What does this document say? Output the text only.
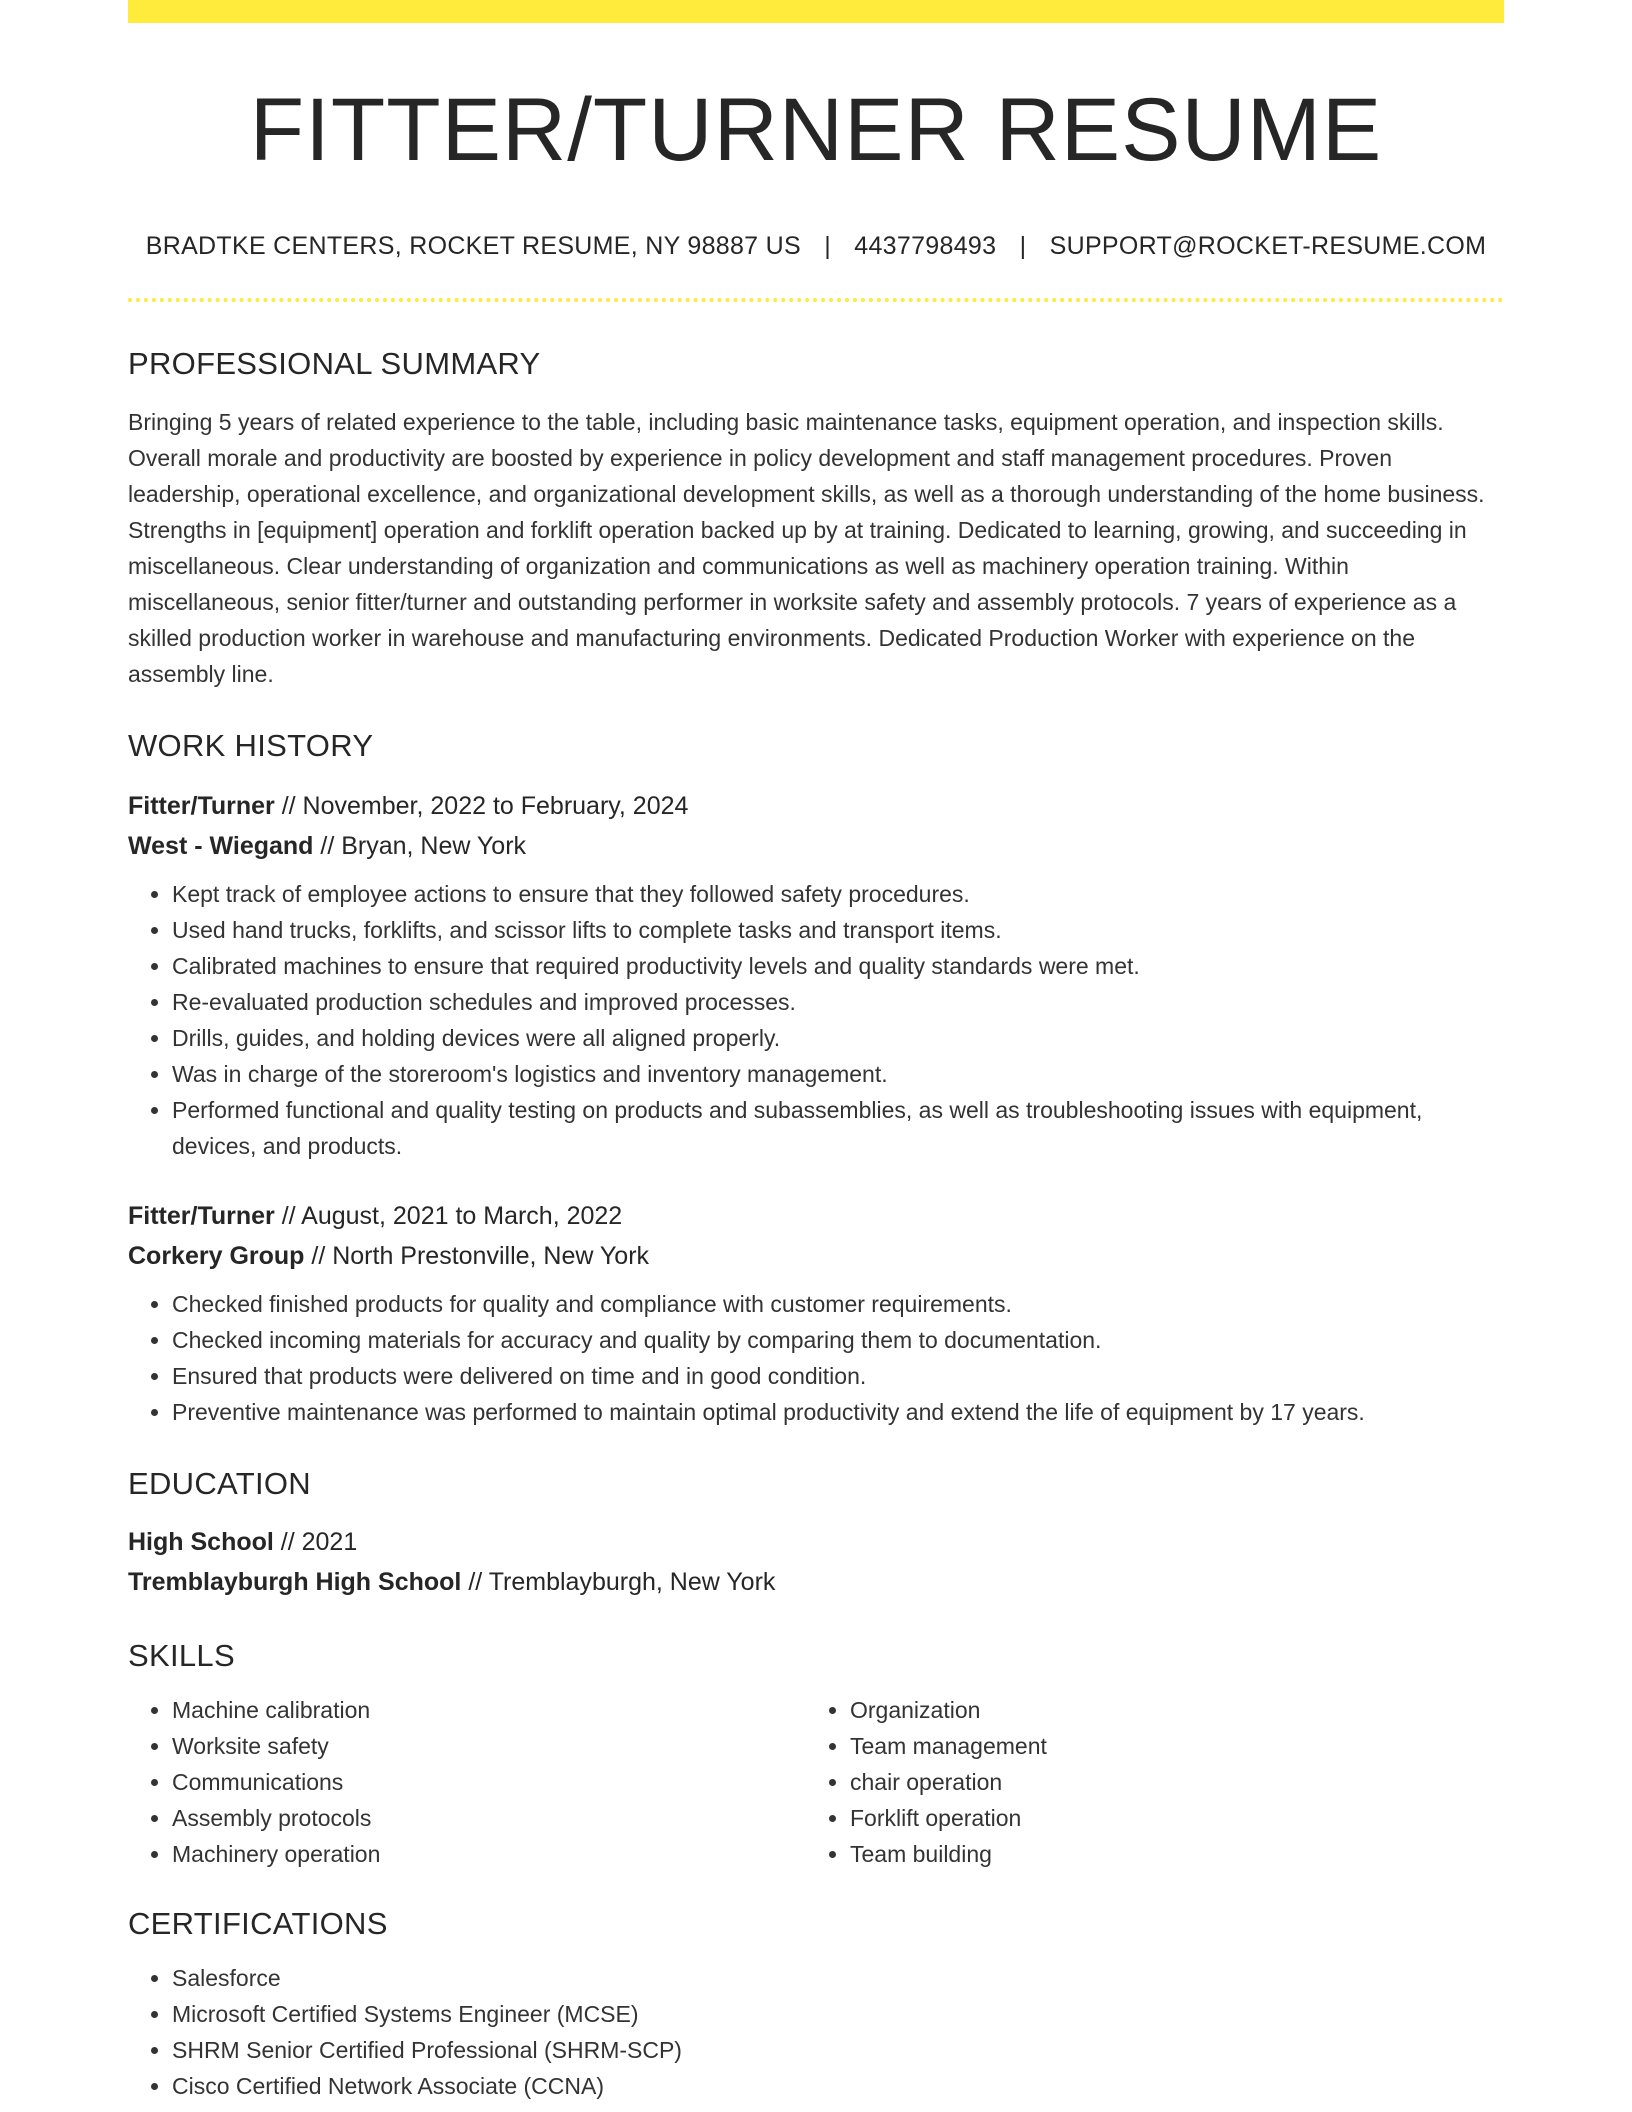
FITTER/TURNER RESUME
BRADTKE CENTERS, ROCKET RESUME, NY 98887 US | 4437798493 | SUPPORT@ROCKET-RESUME.COM
PROFESSIONAL SUMMARY
Bringing 5 years of related experience to the table, including basic maintenance tasks, equipment operation, and inspection skills. Overall morale and productivity are boosted by experience in policy development and staff management procedures. Proven leadership, operational excellence, and organizational development skills, as well as a thorough understanding of the home business. Strengths in [equipment] operation and forklift operation backed up by at training. Dedicated to learning, growing, and succeeding in miscellaneous. Clear understanding of organization and communications as well as machinery operation training. Within miscellaneous, senior fitter/turner and outstanding performer in worksite safety and assembly protocols. 7 years of experience as a skilled production worker in warehouse and manufacturing environments. Dedicated Production Worker with experience on the assembly line.
WORK HISTORY
Fitter/Turner // November, 2022 to February, 2024
West - Wiegand // Bryan, New York
• Kept track of employee actions to ensure that they followed safety procedures.
• Used hand trucks, forklifts, and scissor lifts to complete tasks and transport items.
• Calibrated machines to ensure that required productivity levels and quality standards were met.
• Re-evaluated production schedules and improved processes.
• Drills, guides, and holding devices were all aligned properly.
• Was in charge of the storeroom's logistics and inventory management.
• Performed functional and quality testing on products and subassemblies, as well as troubleshooting issues with equipment, devices, and products.
Fitter/Turner // August, 2021 to March, 2022
Corkery Group // North Prestonville, New York
• Checked finished products for quality and compliance with customer requirements.
• Checked incoming materials for accuracy and quality by comparing them to documentation.
• Ensured that products were delivered on time and in good condition.
• Preventive maintenance was performed to maintain optimal productivity and extend the life of equipment by 17 years.
EDUCATION
High School // 2021
Tremblayburgh High School // Tremblayburgh, New York
SKILLS
• Machine calibration
• Worksite safety
• Communications
• Assembly protocols
• Machinery operation
• Organization
• Team management
• chair operation
• Forklift operation
• Team building
CERTIFICATIONS
• Salesforce
• Microsoft Certified Systems Engineer (MCSE)
• SHRM Senior Certified Professional (SHRM-SCP)
• Cisco Certified Network Associate (CCNA)
